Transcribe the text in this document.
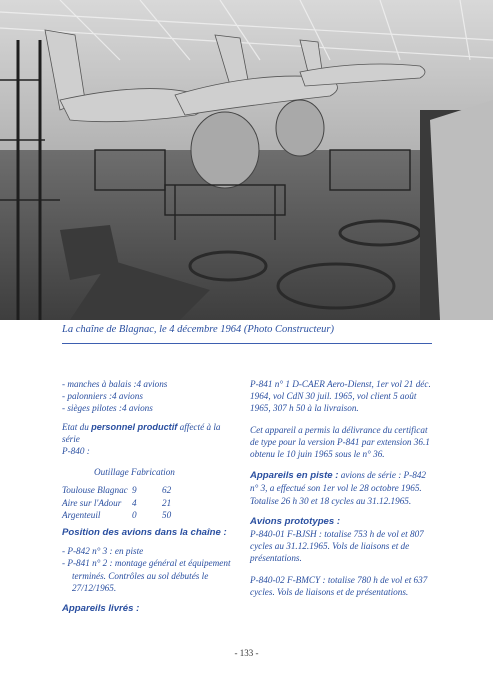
La chaîne de Blagnac, le 4 décembre 1964 (Photo Constructeur)
- manches à balais :4 avions
- palonniers :4 avions
- sièges pilotes :4 avions
Etat du personnel productif affecté à la série
P-840 :
Outillage Fabrication
Toulouse Blagnac	9	62
Aire sur l'Adour	4	21
Argenteuil	0	50
Position des avions dans la chaîne :
- P-842 n° 3 : en piste
- P-841 n° 2 : montage général et équipement terminés. Contrôles au sol débutés le 27/12/1965.
Appareils livrés :
P-841 n° 1 D-CAER Aero-Dienst, 1er vol 21 déc. 1964, vol CdN 30 juil. 1965, vol client 5 août 1965, 307 h 50 à la livraison.
Cet appareil a permis la délivrance du certificat de type pour la version P-841 par extension 36.1 obtenu le 10 juin 1965 sous le n° 36.
Appareils en piste : avions de série : P-842 n° 3, a effectué son 1er vol le 28 octobre 1965. Totalise 26 h 30 et 18 cycles au 31.12.1965.
Avions prototypes :
P-840-01 F-BJSH : totalise 753 h de vol et 807 cycles au 31.12.1965. Vols de liaisons et de présentations.
P-840-02 F-BMCY : totalise 780 h de vol et 637 cycles. Vols de liaisons et de présentations.
- 133 -
